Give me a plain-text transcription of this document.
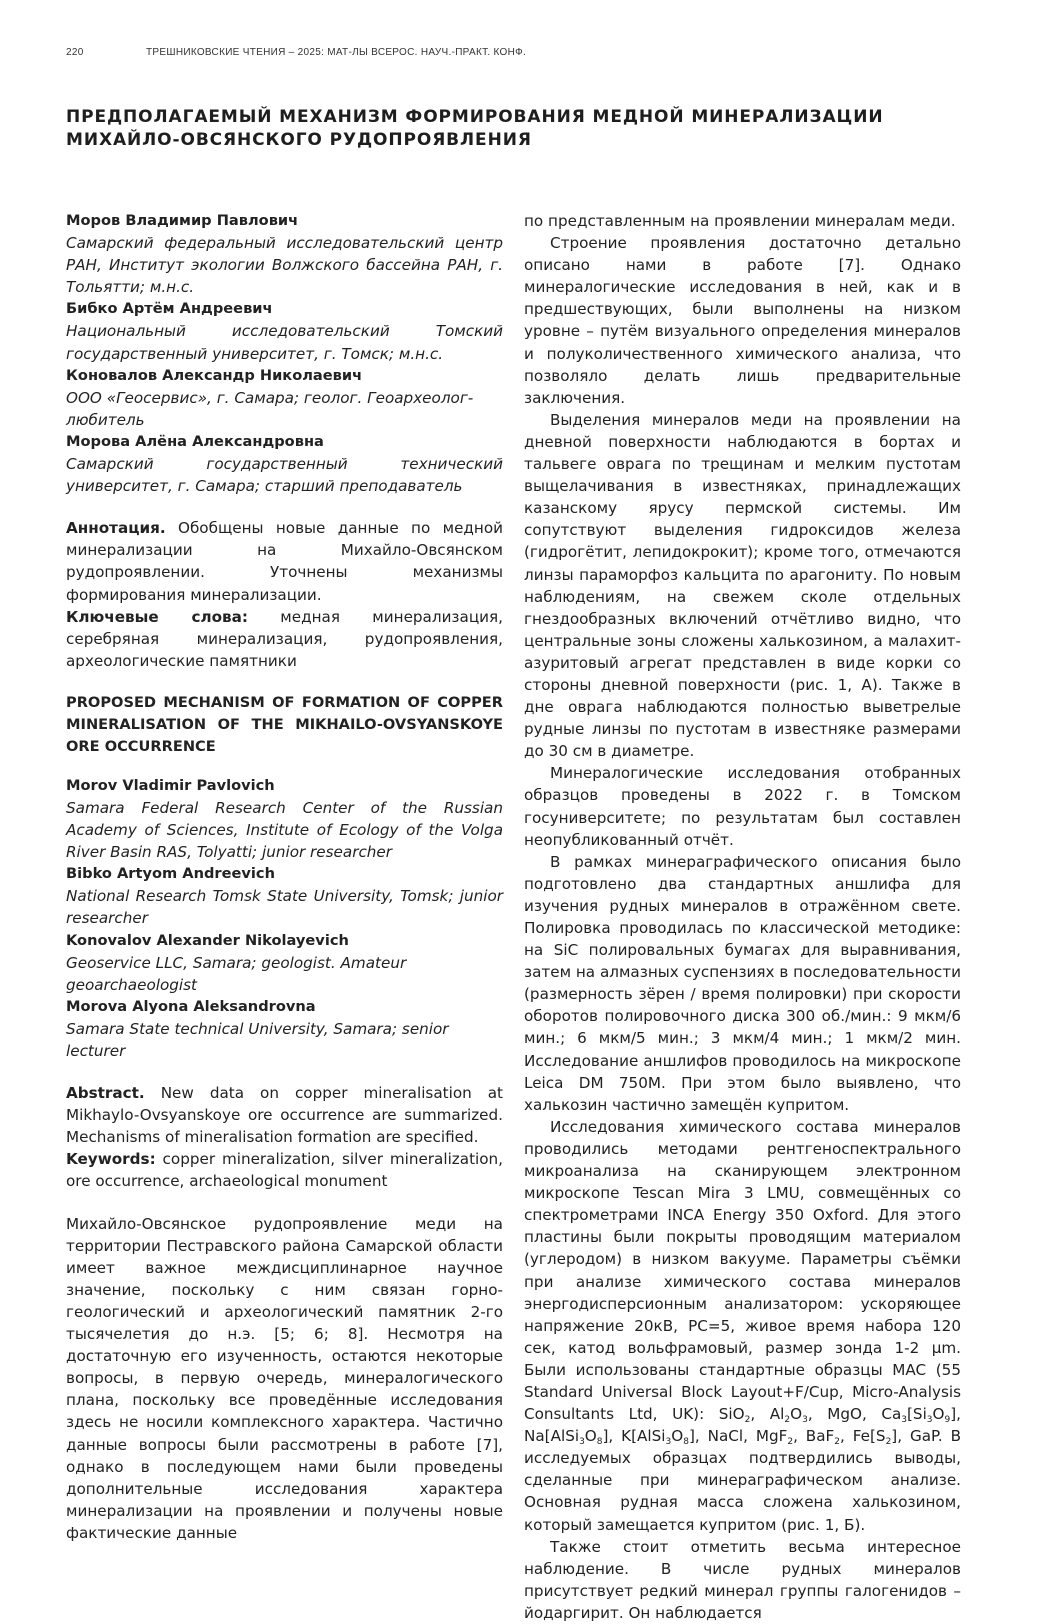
220	ТРЕШНИКОВСКИЕ ЧТЕНИЯ – 2025: МАТ-ЛЫ ВСЕРОС. НАУЧ.-ПРАКТ. КОНФ.
ПРЕДПОЛАГАЕМЫЙ МЕХАНИЗМ ФОРМИРОВАНИЯ МЕДНОЙ МИНЕРАЛИЗАЦИИ МИХАЙЛО-ОВСЯНСКОГО РУДОПРОЯВЛЕНИЯ

Моров Владимир Павлович

Самарский федеральный исследовательский центр РАН, Институт экологии Волжского бассейна РАН, г. Тольятти; м.н.с.

Бибко Артём Андреевич

Национальный исследовательский Томский государственный университет, г. Томск; м.н.с.

Коновалов Александр Николаевич

ООО «Геосервис», г. Самара; геолог. Геоархеолог-любитель

Морова Алёна Александровна

Самарский государственный технический университет, г. Самара; старший преподаватель

Аннотация. Обобщены новые данные по медной минерализации на Михайло-Овсянском рудопроявлении. Уточнены механизмы формирования минерализации.

Ключевые слова: медная минерализация, серебряная минерализация, рудопроявления, археологические памятники

PROPOSED MECHANISM OF FORMATION OF COPPER MINERALISATION OF THE MIKHAILO-OVSYANSKOYE ORE OCCURRENCE

Morov Vladimir Pavlovich

Samara Federal Research Center of the Russian Academy of Sciences, Institute of Ecology of the Volga River Basin RAS, Tolyatti; junior researcher

Bibko Artyom Andreevich

National Research Tomsk State University, Tomsk; junior researcher

Konovalov Alexander Nikolayevich

Geoservice LLC, Samara; geologist. Amateur geoarchaeologist

Morova Alyona Aleksandrovna

Samara State technical University, Samara; senior lecturer

Abstract. New data on copper mineralisation at Mikhaylo-Ovsyanskoye ore occurrence are summarized. Mechanisms of mineralisation formation are specified.

Keywords: copper mineralization, silver mineralization, ore occurrence, archaeological monument

Михайло-Овсянское рудопроявление меди на территории Пестравского района Самарской области имеет важное междисциплинарное научное значение, поскольку с ним связан горно-геологический и археологический памятник 2-го тысячелетия до н.э. [5; 6; 8]. Несмотря на достаточную его изученность, остаются некоторые вопросы, в первую очередь, минералогического плана, поскольку все проведённые исследования здесь не носили комплексного характера. Частично данные вопросы были рассмотрены в работе [7], однако в последующем нами были проведены дополнительные исследования характера минерализации на проявлении и получены новые фактические данные

по представленным на проявлении минералам меди.

Строение проявления достаточно детально описано нами в работе [7]. Однако минералогические исследования в ней, как и в предшествующих, были выполнены на низком уровне – путём визуального определения минералов и полуколичественного химического анализа, что позволяло делать лишь предварительные заключения.

Выделения минералов меди на проявлении на дневной поверхности наблюдаются в бортах и тальвеге оврага по трещинам и мелким пустотам выщелачивания в известняках, принадлежащих казанскому ярусу пермской системы. Им сопутствуют выделения гидроксидов железа (гидрогётит, лепидокрокит); кроме того, отмечаются линзы параморфоз кальцита по арагониту. По новым наблюдениям, на свежем сколе отдельных гнездообразных включений отчётливо видно, что центральные зоны сложены халькозином, а малахит-азуритовый агрегат представлен в виде корки со стороны дневной поверхности (рис. 1, А). Также в дне оврага наблюдаются полностью выветрелые рудные линзы по пустотам в известняке размерами до 30 см в диаметре.

Минералогические исследования отобранных образцов проведены в 2022 г. в Томском госуниверситете; по результатам был составлен неопубликованный отчёт.

В рамках минераграфического описания было подготовлено два стандартных аншлифа для изучения рудных минералов в отражённом свете. Полировка проводилась по классической методике: на SiC полировальных бумагах для выравнивания, затем на алмазных суспензиях в последовательности (размерность зёрен / время полировки) при скорости оборотов полировочного диска 300 об./мин.: 9 мкм/6 мин.; 6 мкм/5 мин.; 3 мкм/4 мин.; 1 мкм/2 мин. Исследование аншлифов проводилось на микроскопе Leica DM 750M. При этом было выявлено, что халькозин частично замещён купритом.

Исследования химического состава минералов проводились методами рентгеноспектрального микроанализа на сканирующем электронном микроскопе Tescan Mira 3 LMU, совмещённых со спектрометрами INCA Energy 350 Oxford. Для этого пластины были покрыты проводящим материалом (углеродом) в низком вакууме. Параметры съёмки при анализе химического состава минералов энергодисперсионным анализатором: ускоряющее напряжение 20кВ, PC=5, живое время набора 120 сек, катод вольфрамовый, размер зонда 1-2 μm. Были использованы стандартные образцы MAC (55 Standard Universal Block Layout+F/Cup, Micro-Analysis Consultants Ltd, UK): SiO$_2$, $Al_2O_3$, MgO, $Ca_3[Si_3O_9]$, $Na[AlSi_3O_8]$, $K[AlSi_3O_8]$, NaCl, MgF$_2$, BaF$_2$, $Fe[S_2]$, GaP. В исследуемых образцах подтвердились выводы, сделанные при минераграфическом анализе. Основная рудная масса сложена халькозином, который замещается купритом (рис. 1, Б).

Также стоит отметить весьма интересное наблюдение. В числе рудных минералов присутствует редкий минерал группы галогенидов – йодаргирит. Он наблюдается
